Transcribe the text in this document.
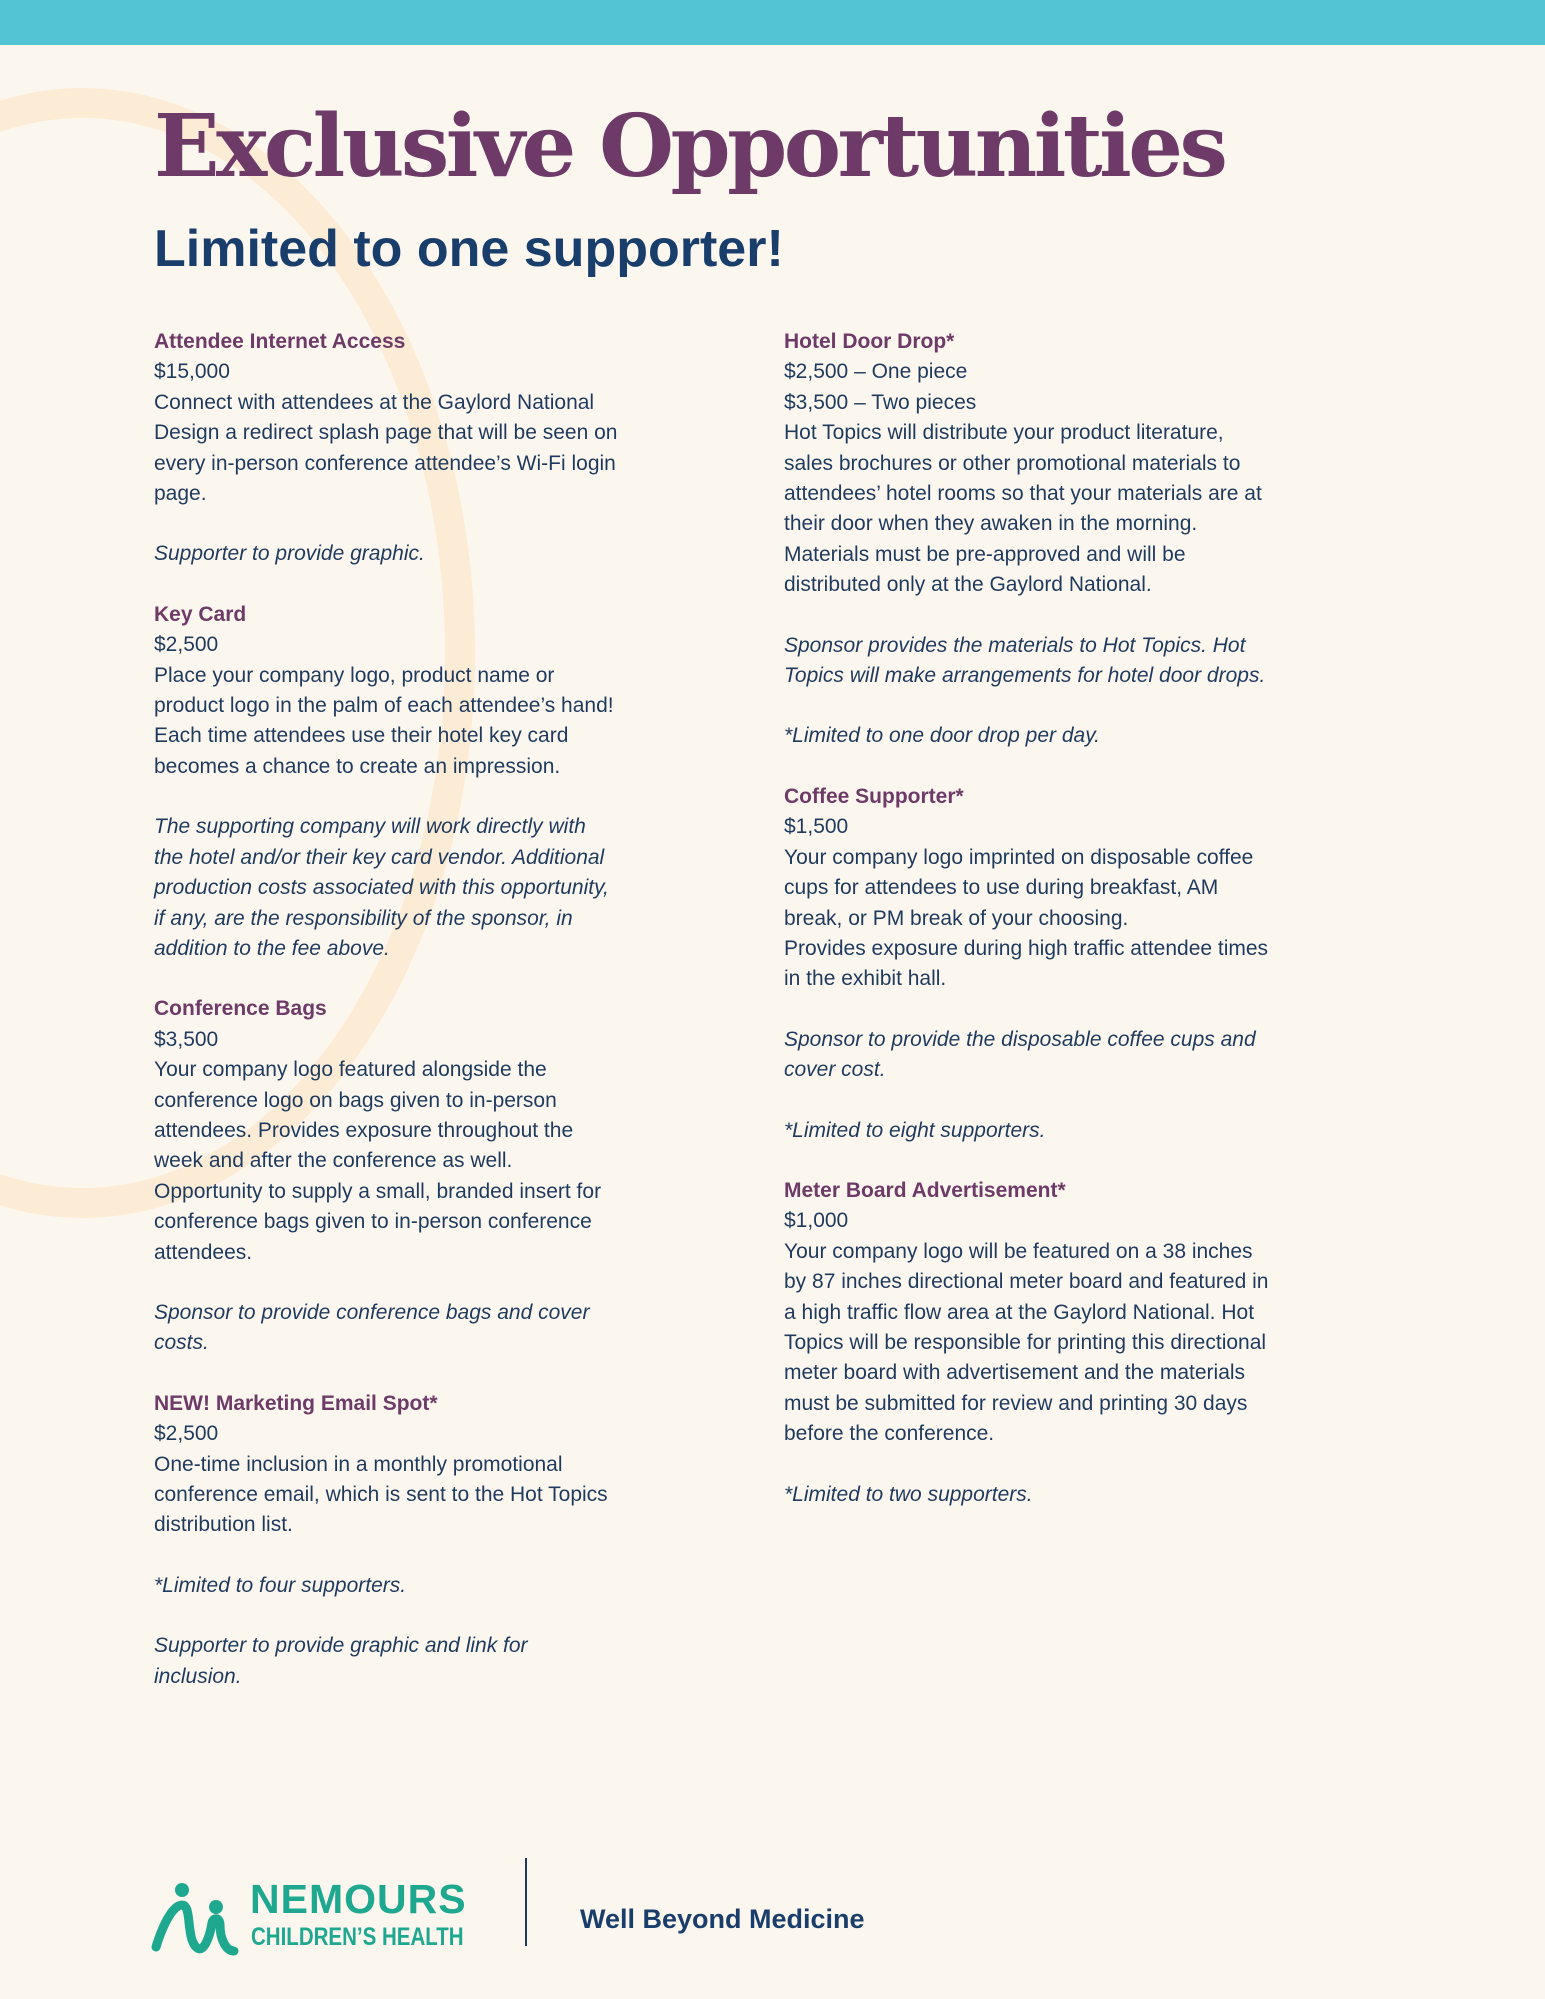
Exclusive Opportunities
Limited to one supporter!
Attendee Internet Access

$15,000

Connect with attendees at the Gaylord National

Design a redirect splash page that will be seen on

every in-person conference attendee’s Wi-Fi login

page.

Supporter to provide graphic.

Key Card

$2,500

Place your company logo, product name or

product logo in the palm of each attendee’s hand!

Each time attendees use their hotel key card

becomes a chance to create an impression.

The supporting company will work directly with

the hotel and/or their key card vendor. Additional

production costs associated with this opportunity,

if any, are the responsibility of the sponsor, in

addition to the fee above.

Conference Bags

$3,500

Your company logo featured alongside the

conference logo on bags given to in-person

attendees. Provides exposure throughout the

week and after the conference as well.

Opportunity to supply a small, branded insert for

conference bags given to in-person conference

attendees.

Sponsor to provide conference bags and cover

costs.

NEW! Marketing Email Spot*

$2,500

One-time inclusion in a monthly promotional

conference email, which is sent to the Hot Topics

distribution list.

*Limited to four supporters.

Supporter to provide graphic and link for

inclusion.

Hotel Door Drop*

$2,500 – One piece

$3,500 – Two pieces

Hot Topics will distribute your product literature,

sales brochures or other promotional materials to

attendees’ hotel rooms so that your materials are at

their door when they awaken in the morning.

Materials must be pre-approved and will be

distributed only at the Gaylord National.

Sponsor provides the materials to Hot Topics. Hot

Topics will make arrangements for hotel door drops.

*Limited to one door drop per day.

Coffee Supporter*

$1,500

Your company logo imprinted on disposable coffee

cups for attendees to use during breakfast, AM

break, or PM break of your choosing.

Provides exposure during high traffic attendee times

in the exhibit hall.

Sponsor to provide the disposable coffee cups and

cover cost.

*Limited to eight supporters.

Meter Board Advertisement*

$1,000

Your company logo will be featured on a 38 inches

by 87 inches directional meter board and featured in

a high traffic flow area at the Gaylord National. Hot

Topics will be responsible for printing this directional

meter board with advertisement and the materials

must be submitted for review and printing 30 days

before the conference.

*Limited to two supporters.

NEMOURS
CHILDREN’S HEALTH
Well Beyond Medicine
